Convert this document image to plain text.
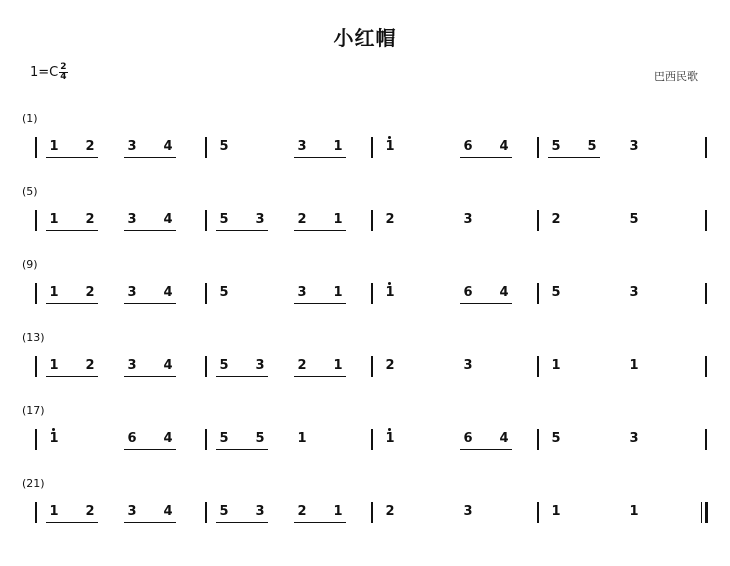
小红帽
$1=C \frac{2}{4}$	巴西民歌
(1)
1 2	3 4	5	3 1	1	6 4	5 5	3
(5)
1 2	3 4	5 3	2 1	2	3	2	5
(9)
1 2	3 4	5	3 1	1	6 4	5	3
(13)
1 2	3 4	5 3	2 1	2	3	1	1
(17)
1	6 4	5 5	1	1	6 4	5	3
(21)
1 2	3 4	5 3	2 1	2	3	1	1
